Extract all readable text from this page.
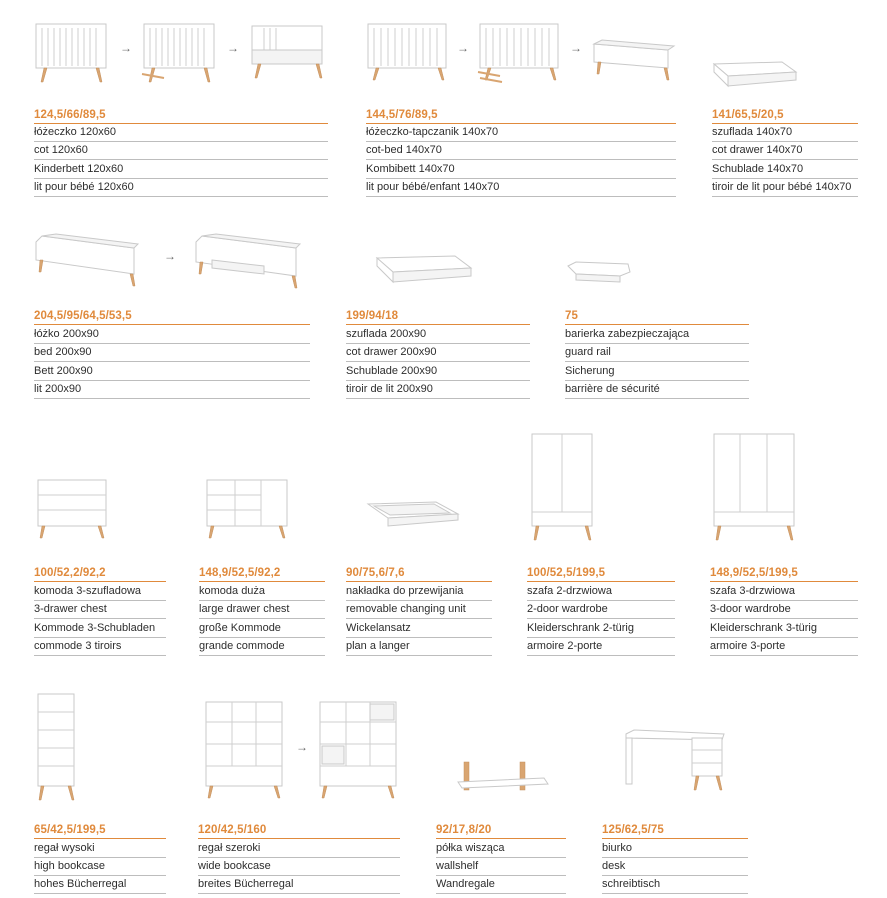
→	→	→	→
→
→
124,5/66/89,5
łóżeczko 120x60
cot 120x60
Kinderbett 120x60
lit pour bébé 120x60
144,5/76/89,5
łóżeczko-tapczanik 140x70
cot-bed 140x70
Kombibett 140x70
lit pour bébé/enfant 140x70
141/65,5/20,5
szuflada 140x70
cot drawer 140x70
Schublade 140x70
tiroir de lit pour bébé 140x70
204,5/95/64,5/53,5
łóżko 200x90
bed 200x90
Bett 200x90
lit 200x90
199/94/18
szuflada 200x90
cot drawer 200x90
Schublade 200x90
tiroir de lit 200x90
75
barierka zabezpieczająca
guard rail
Sicherung
barrière de sécurité
100/52,2/92,2
komoda 3-szufladowa
3-drawer chest
Kommode 3-Schubladen
commode 3 tiroirs
148,9/52,5/92,2
komoda duża
large drawer chest
große Kommode
grande commode
90/75,6/7,6
nakładka do przewijania
removable changing unit
Wickelansatz
plan a langer
100/52,5/199,5
szafa 2-drzwiowa
2-door wardrobe
Kleiderschrank 2-türig
armoire 2-porte
148,9/52,5/199,5
szafa 3-drzwiowa
3-door wardrobe
Kleiderschrank 3-türig
armoire 3-porte
65/42,5/199,5
regał wysoki
high bookcase
hohes Bücherregal
120/42,5/160
regał szeroki
wide bookcase
breites Bücherregal
92/17,8/20
półka wisząca
wallshelf
Wandregale
125/62,5/75
biurko
desk
schreibtisch
